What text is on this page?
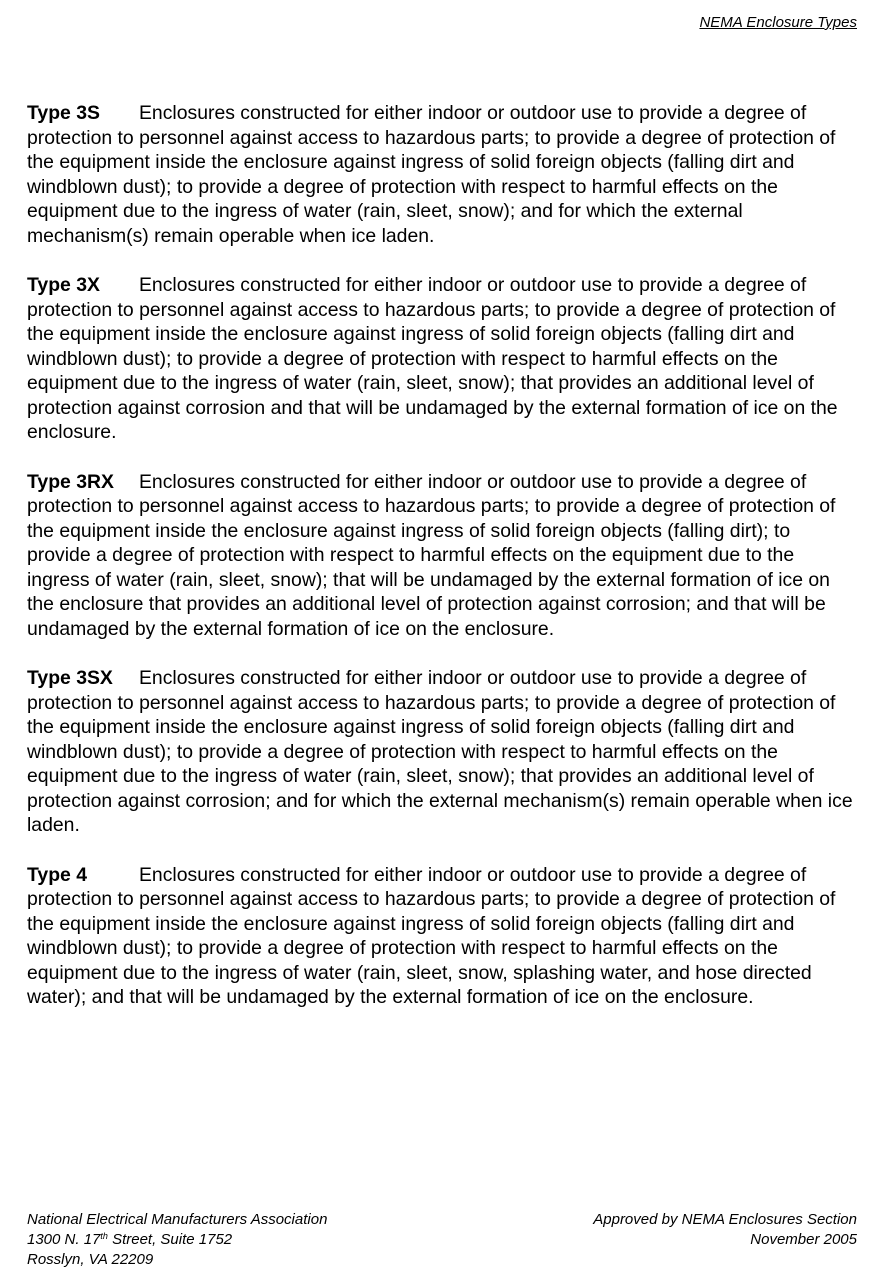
NEMA Enclosure Types

Type 3S Enclosures constructed for either indoor or outdoor use to provide a degree of protection to personnel against access to hazardous parts; to provide a degree of protection of the equipment inside the enclosure against ingress of solid foreign objects (falling dirt and windblown dust); to provide a degree of protection with respect to harmful effects on the equipment due to the ingress of water (rain, sleet, snow); and for which the external mechanism(s) remain operable when ice laden.

Type 3X Enclosures constructed for either indoor or outdoor use to provide a degree of protection to personnel against access to hazardous parts; to provide a degree of protection of the equipment inside the enclosure against ingress of solid foreign objects (falling dirt and windblown dust); to provide a degree of protection with respect to harmful effects on the equipment due to the ingress of water (rain, sleet, snow); that provides an additional level of protection against corrosion and that will be undamaged by the external formation of ice on the enclosure.

Type 3RX Enclosures constructed for either indoor or outdoor use to provide a degree of protection to personnel against access to hazardous parts; to provide a degree of protection of the equipment inside the enclosure against ingress of solid foreign objects (falling dirt); to provide a degree of protection with respect to harmful effects on the equipment due to the ingress of water (rain, sleet, snow); that will be undamaged by the external formation of ice on the enclosure that provides an additional level of protection against corrosion; and that will be undamaged by the external formation of ice on the enclosure.

Type 3SX Enclosures constructed for either indoor or outdoor use to provide a degree of protection to personnel against access to hazardous parts; to provide a degree of protection of the equipment inside the enclosure against ingress of solid foreign objects (falling dirt and windblown dust); to provide a degree of protection with respect to harmful effects on the equipment due to the ingress of water (rain, sleet, snow); that provides an additional level of protection against corrosion; and for which the external mechanism(s) remain operable when ice laden.

Type 4	Enclosures constructed for either indoor or outdoor use to provide a degree of protection to personnel against access to hazardous parts; to provide a degree of protection of the equipment inside the enclosure against ingress of solid foreign objects (falling dirt and windblown dust); to provide a degree of protection with respect to harmful effects on the equipment due to the ingress of water (rain, sleet, snow, splashing water, and hose directed water); and that will be undamaged by the external formation of ice on the enclosure.

National Electrical Manufacturers Association
1300 N. 17th Street, Suite 1752
Rosslyn, VA 22209
Approved by NEMA Enclosures Section
November 2005
